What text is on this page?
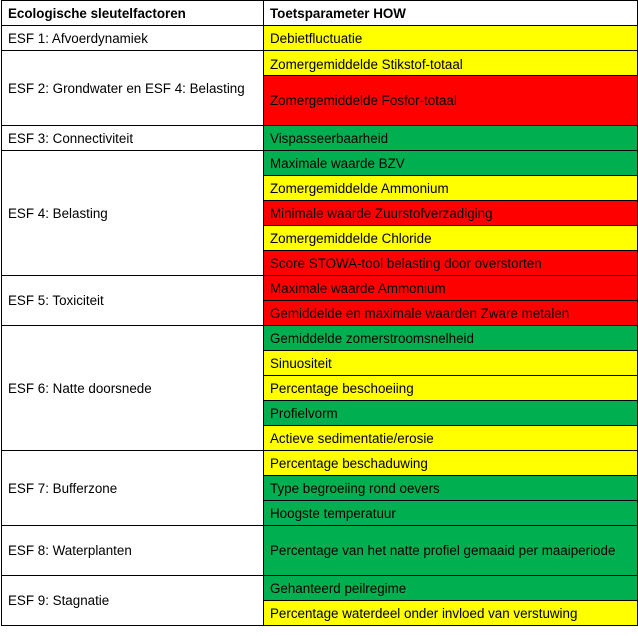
Ecologische sleutelfactoren	Toetsparameter HOW
ESF 1: Afvoerdynamiek	Debietfluctuatie
ESF 2: Grondwater en ESF 4: Belasting	Zomergemiddelde Stikstof-totaal
	Zomergemiddelde Fosfor-totaal
ESF 3: Connectiviteit	Vispasseerbaarheid
ESF 4: Belasting	Maximale waarde BZV
	Zomergemiddelde Ammonium
	Minimale waarde Zuurstofverzadiging
	Zomergemiddelde Chloride
	Score STOWA-tool belasting door overstorten
ESF 5: Toxiciteit	Maximale waarde Ammonium
	Gemiddelde en maximale waarden Zware metalen
ESF 6: Natte doorsnede	Gemiddelde zomerstroomsnelheid
	Sinuositeit
	Percentage beschoeiing
	Profielvorm
	Actieve sedimentatie/erosie
ESF 7: Bufferzone	Percentage beschaduwing
	Type begroeiing rond oevers
	Hoogste temperatuur
ESF 8: Waterplanten	Percentage van het natte profiel gemaaid per maaiperiode
ESF 9: Stagnatie	Gehanteerd peilregime
	Percentage waterdeel onder invloed van verstuwing
